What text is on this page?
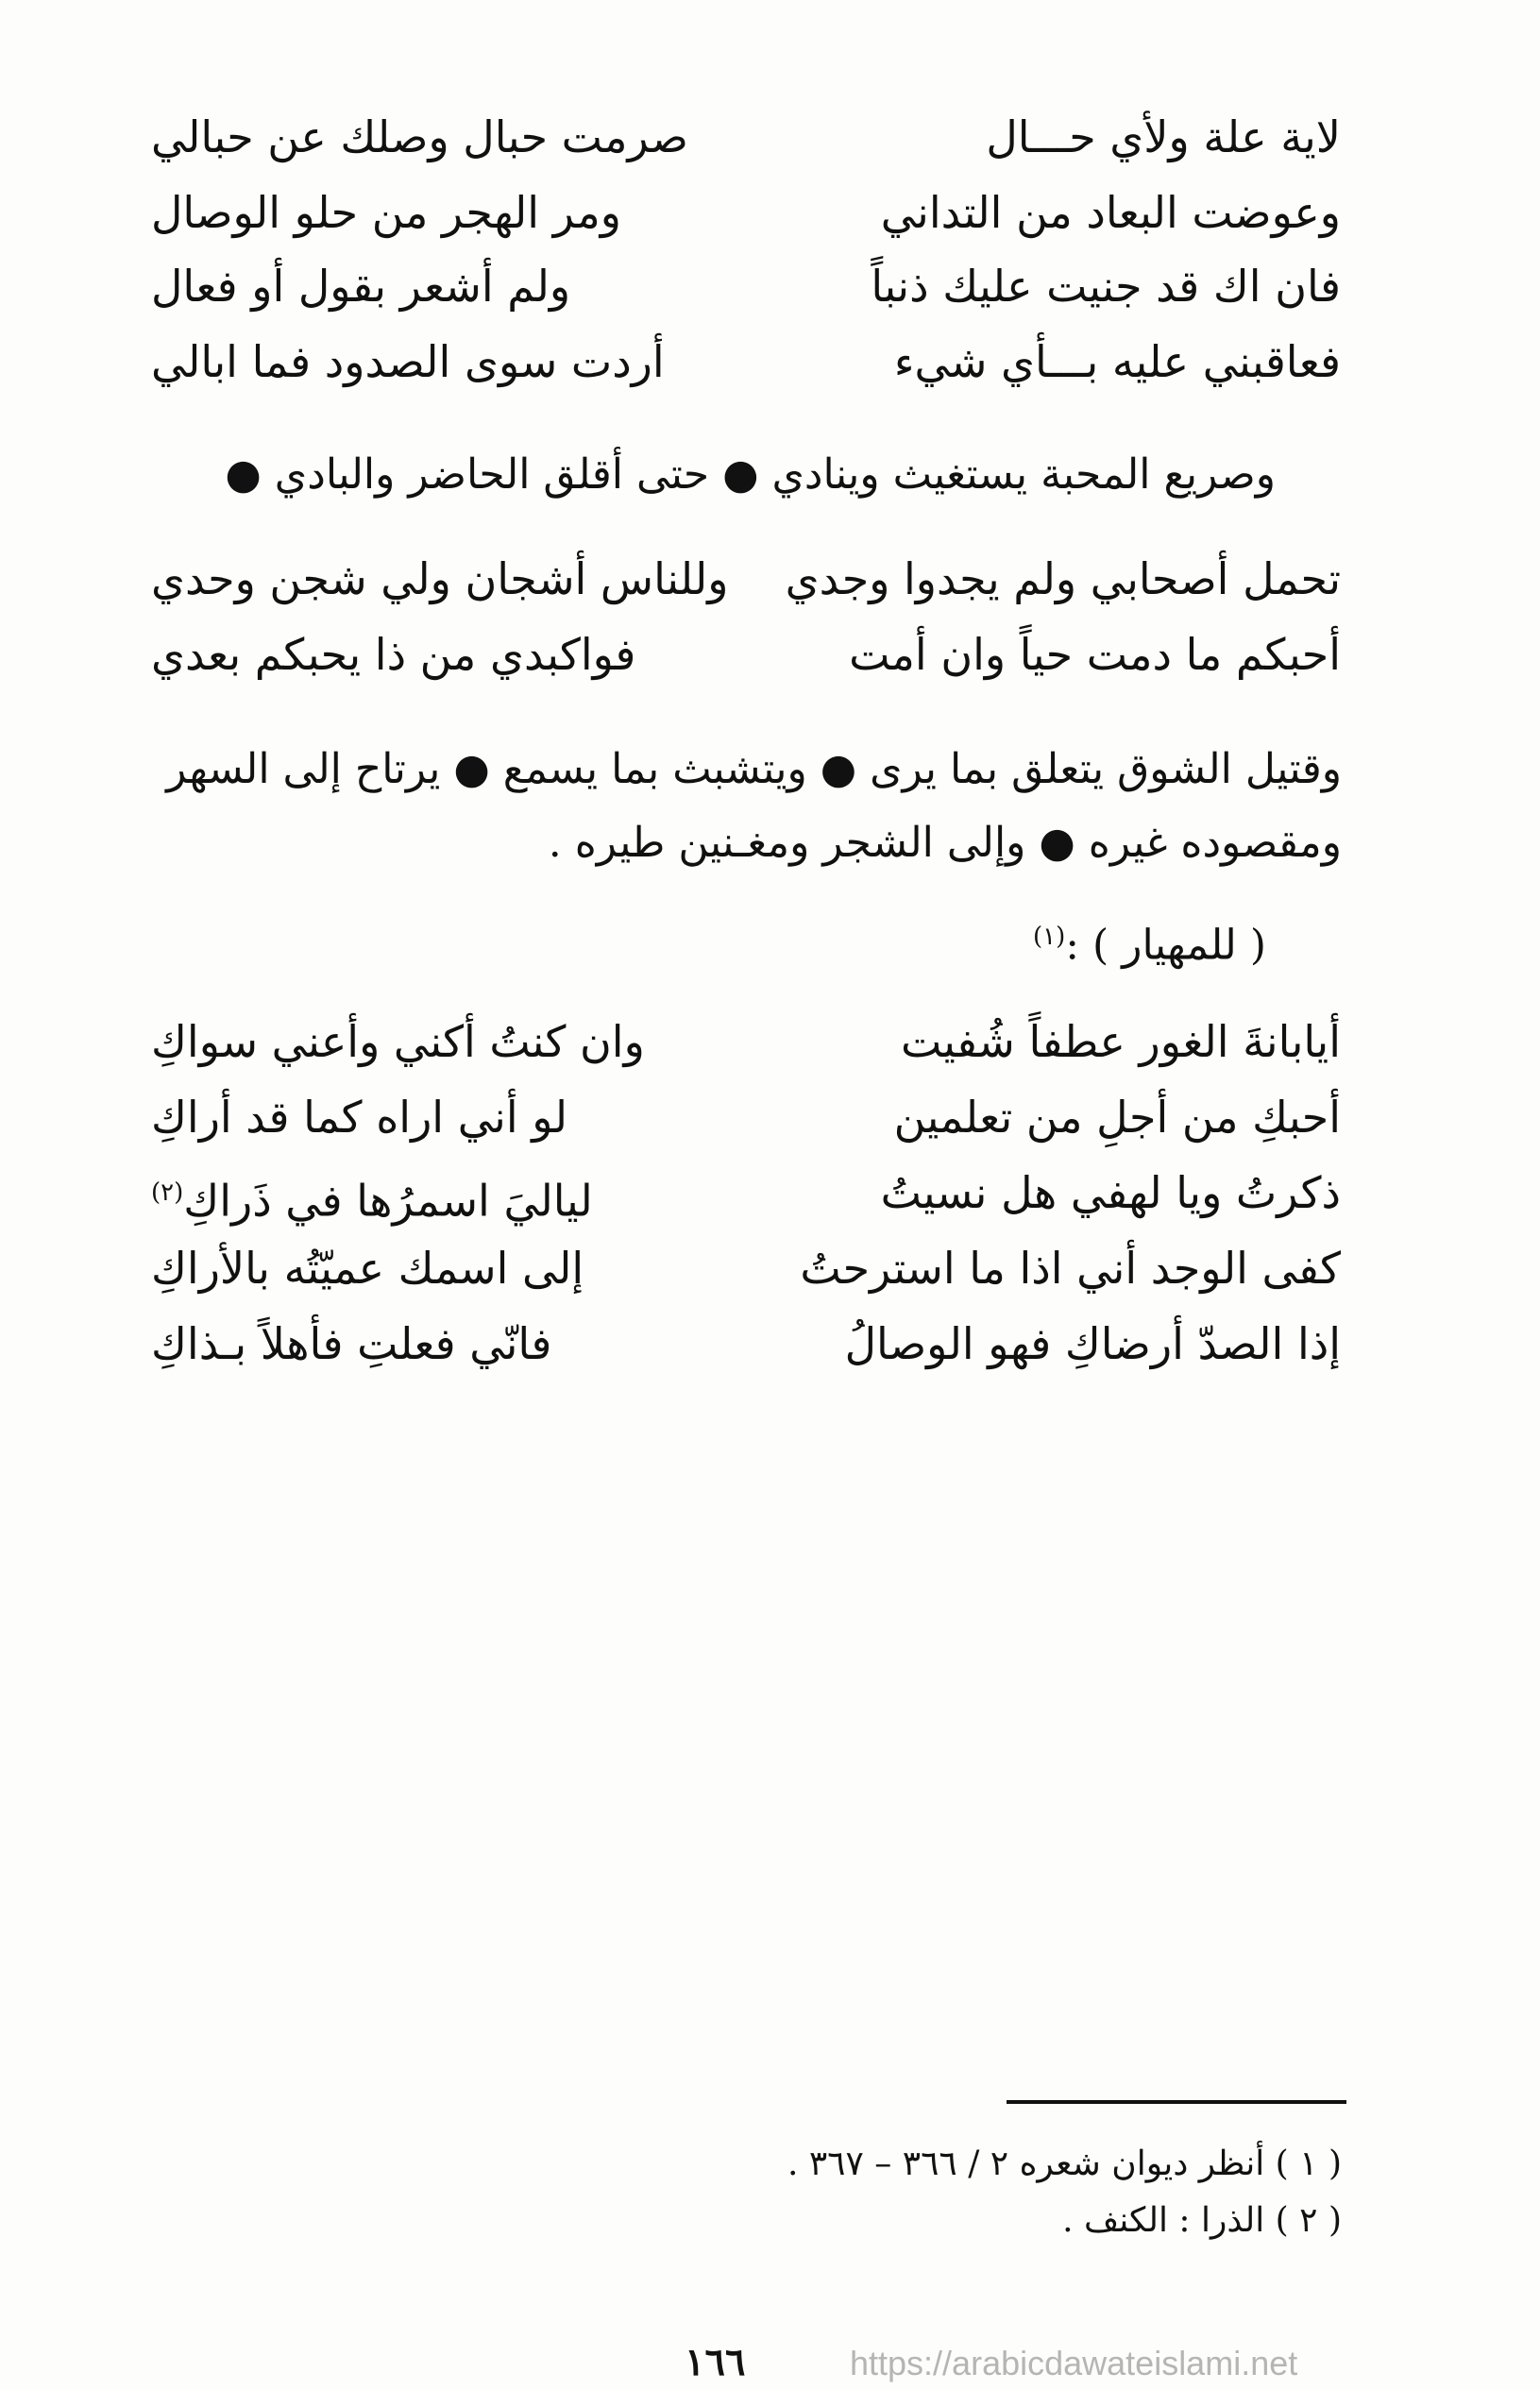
لاية علة ولأي حـــال
صرمت حبال وصلك عن حبالي
وعوضت البعاد من التداني
ومر الهجر من حلو الوصال
فان اك قد جنيت عليك ذنباً
ولم أشعر بقول أو فعال
فعاقبني عليه بـــأي شيء
أردت سوى الصدود فما ابالي
وصريع المحبة يستغيث وينادي ● حتى أقلق الحاضر والبادي ●
تحمل أصحابي ولم يجدوا وجدي
وللناس أشجان ولي شجن وحدي
أحبكم ما دمت حياً وان أمت
فواكبدي من ذا يحبكم بعدي
وقتيل الشوق يتعلق بما يرى ● ويتشبث بما يسمع ● يرتاح إلى السهر
ومقصوده غيره ● وإلى الشجر ومغـنين طيره .
( للمهيار ) :$^{(١)}$
أيابانةَ الغور عطفاً شُفيت
وان كنتُ أكني وأعني سواكِ
أحبكِ من أجلِ من تعلمين
لو أني اراه كما قد أراكِ
ذكرتُ ويا لهفي هل نسيتُ
لياليَ اسمرُها في ذَراكِ$^{(٢)}$
كفى الوجد أني اذا ما استرحتُ
إلى اسمك عميّتُه بالأراكِ
إذا الصدّ أرضاكِ فهو الوصالُ
فانّي فعلتِ فأهلاً بـذاكِ
( ١ ) أنظر ديوان شعره ٢ / ٣٦٦ – ٣٦٧ .
( ٢ ) الذرا : الكنف .
١٦٦	https://arabicdawateislami.net
